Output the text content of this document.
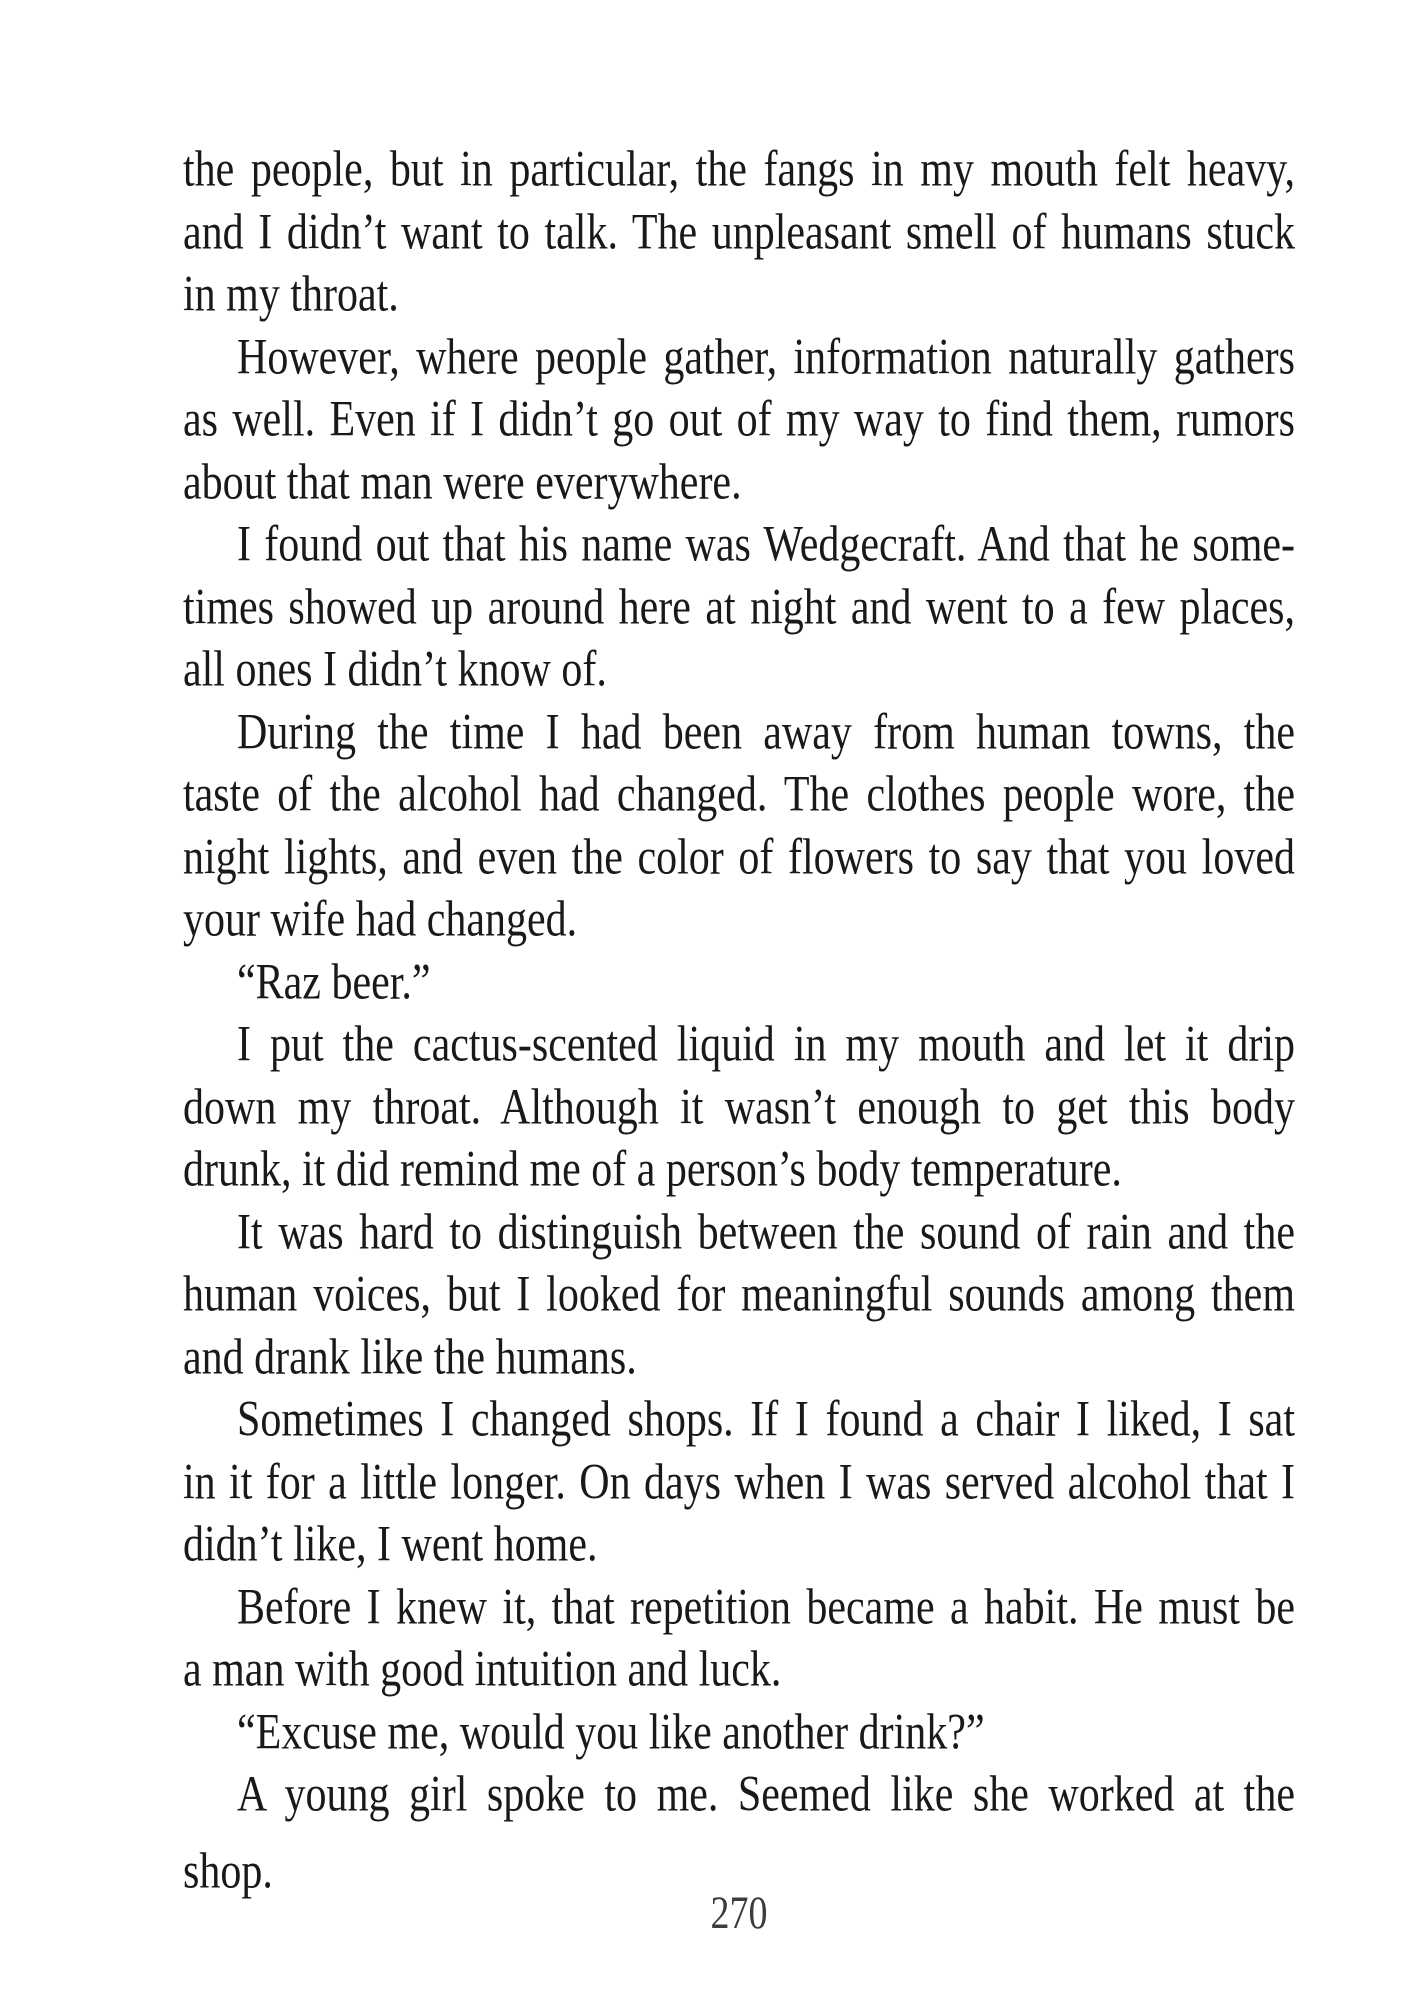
the people, but in particular, the fangs in my mouth felt heavy,
and I didn’t want to talk. The unpleasant smell of humans stuck
in my throat.
However, where people gather, information naturally gathers
as well. Even if I didn’t go out of my way to find them, rumors
about that man were everywhere.
I found out that his name was Wedgecraft. And that he some-
times showed up around here at night and went to a few places,
all ones I didn’t know of.
During the time I had been away from human towns, the
taste of the alcohol had changed. The clothes people wore, the
night lights, and even the color of flowers to say that you loved
your wife had changed.
“Raz beer.”
I put the cactus-scented liquid in my mouth and let it drip
down my throat. Although it wasn’t enough to get this body
drunk, it did remind me of a person’s body temperature.
It was hard to distinguish between the sound of rain and the
human voices, but I looked for meaningful sounds among them
and drank like the humans.
Sometimes I changed shops. If I found a chair I liked, I sat
in it for a little longer. On days when I was served alcohol that I
didn’t like, I went home.
Before I knew it, that repetition became a habit. He must be
a man with good intuition and luck.
“Excuse me, would you like another drink?”
A young girl spoke to me. Seemed like she worked at the shop.
270
